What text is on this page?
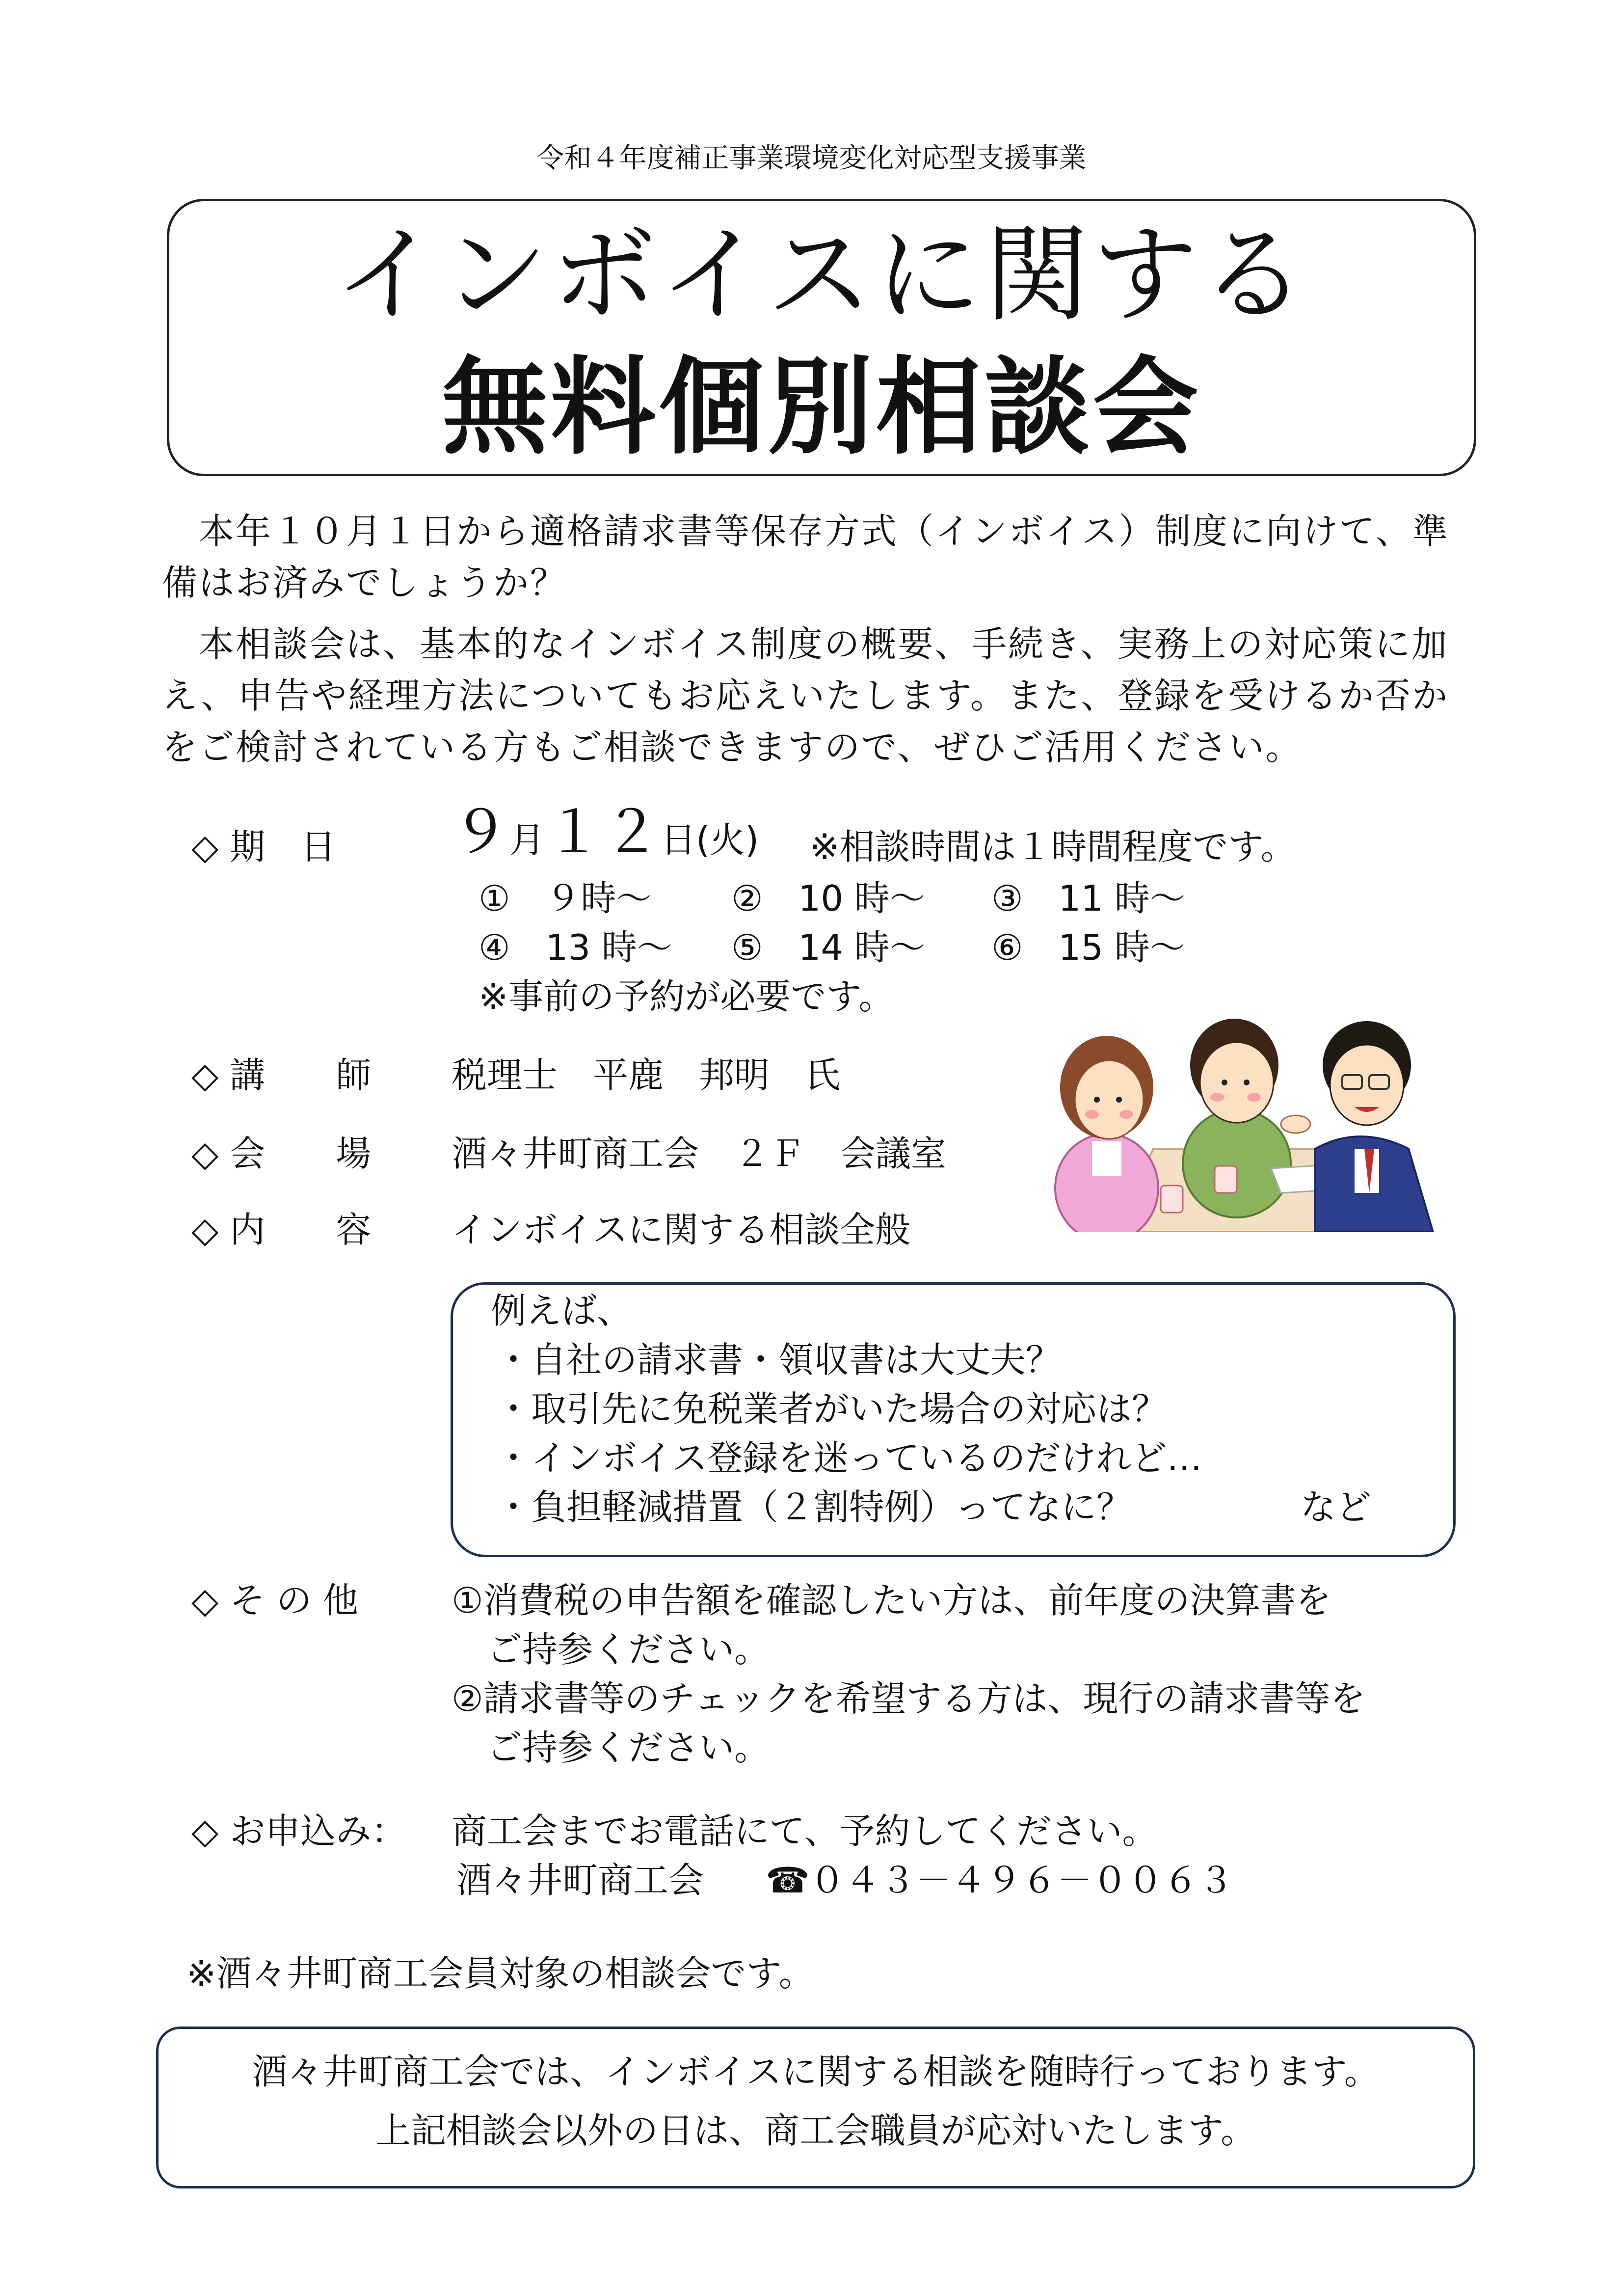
令和４年度補正事業環境変化対応型支援事業
インボイスに関する
無料個別相談会
　本年１０月１日から適格請求書等保存方式（インボイス）制度に向けて、準
備はお済みでしょうか？
　本相談会は、基本的なインボイス制度の概要、手続き、実務上の対応策に加
え、申告や経理方法についてもお応えいたします。また、登録を受けるか否か
をご検討されている方もご相談できますので、ぜひご活用ください。
◇ 期　日 ９月１２日(火) ※相談時間は１時間程度です。
①　９時～ ②　10 時～ ③　11 時～
④　13 時～ ⑤　14 時～ ⑥　15 時～
※事前の予約が必要です。
◇ 講　　師 税理士　平鹿　邦明　氏
◇ 会　　場 酒々井町商工会　２Ｆ　会議室
◇ 内　　容 インボイスに関する相談全般
例えば、
・自社の請求書・領収書は大丈夫？
・取引先に免税業者がいた場合の対応は？
・インボイス登録を迷っているのだけれど…
・負担軽減措置（２割特例）ってなに？	など
◇ そ の 他	①消費税の申告額を確認したい方は、前年度の決算書を
　ご持参ください。
②請求書等のチェックを希望する方は、現行の請求書等を
　ご持参ください。
◇ お申込み： 商工会までお電話にて、予約してください。
酒々井町商工会 ☎０４３－４９６－００６３
※酒々井町商工会員対象の相談会です。
酒々井町商工会では、インボイスに関する相談を随時行っております。
上記相談会以外の日は、商工会職員が応対いたします。
